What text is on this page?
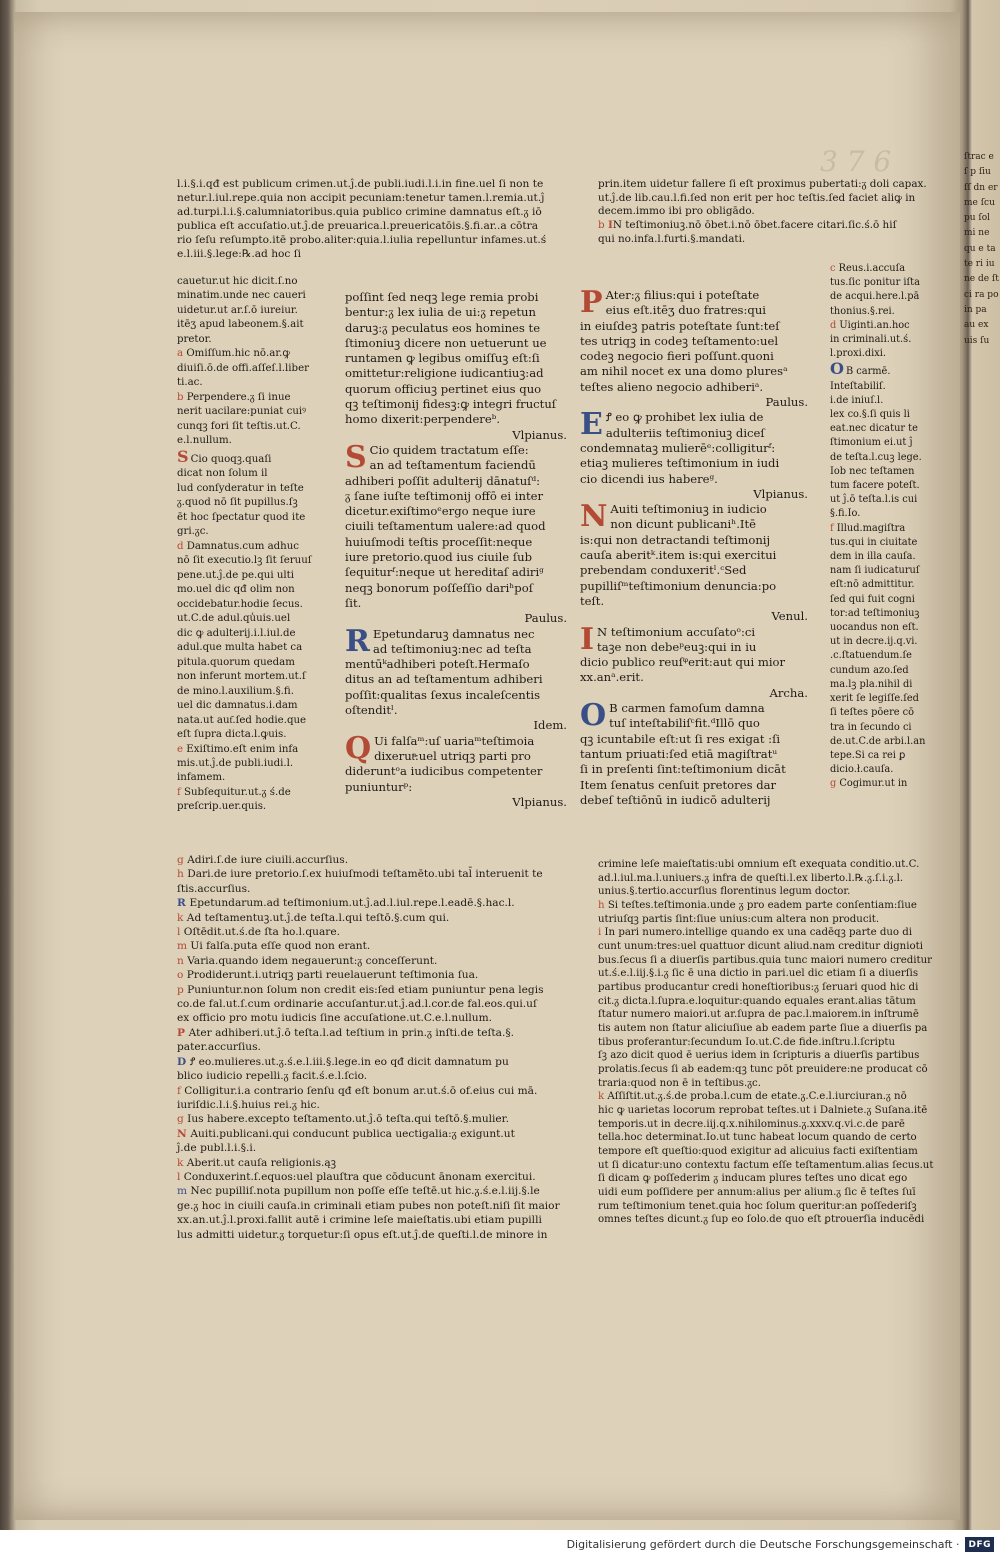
3 7 6
l.i.§.i.qđ est publicum crimen.ut.ĵ.de publi.iudi.l.i.in fine.uel ſi non te
netur.l.iul.repe.quia non accipit pecuniam:tenetur tamen.l.remia.ut.ĵ
ad.turpi.l.i.§.calumniatoribus.quia publico crimine damnatus eſt.ᵹ iō
publica eſt accuſatio.ut.ĵ.de preuarica.l.preuericatōis.§.fi.ar..a cōtra
rio ſeſu reſumpto.itē probo.aliter:quia.l.iulia repelluntur infames.ut.ś
e.l.iii.§.lege:℞.ad hoc ſi
cauetur.ut hic dicit.ſ.no
minatim.unde nec caueri
uidetur.ut ar.ſ.ō iureiur.
itēʒ apud labeonem.§.ait
pretor.
a Omiſſum.hic nō.ar.ꝙ
diuiſi.ō.de offi.aſſeſ.l.liber
ti.ac.
b Perpendere.ᵹ ſi inue
nerit uacilare:puniat cuiꝰ
cunqꝫ fori ſit teſtis.ut.C.
e.l.nullum.
S Cio quoqꝫ.quaſi
dicat non ſolum il
lud conſyderatur in teſte
ᵹ.quod nō ſit pupillus.ſꝫ
ēt hoc ſpectatur quod ite
gri.ᵹc.
d Damnatus.cum adhuc
nō ſit executio.lꝫ ſit ſeruuſ
pene.ut.ĵ.de pe.qui ulti
mo.uel dic qđ olim non
occidebatur.hodie ſecus.
ut.C.de adul.qu̾uis.uel
dic ꝙ adulterij.i.l.iul.de
adul.que multa habet ca
pitula.quorum quedam
non inferunt mortem.ut.ſ
de mino.l.auxilium.§.fi.
uel dic damnatus.i.dam
nata.ut aut͂.ſed hodie.que
eſt ſupra dicta.l.ꝙuis.
e Exiſtimo.eſt enim infa
mis.ut.ĵ.de publi.iudi.l.
infamem.
f Subſequitur.ut.ᵹ ś.de
preſcrip.uer.quis.
poſſint ſed neqꝫ lege remia probi
bentur:ᵹ lex iulia de ui:ᵹ repetun
daruꝫ:ᵹ peculatus eos homines te
ſtimoniuꝫ dicere non uetuerunt ue
runtamen ꝙ legibus omiſſuꝫ eſt:ſi
omittetur:religione iudicantiuꝫ:ad
quorum officiuꝫ pertinet eius quo
qꝫ teſtimonij fidesꝫ:ꝙ integri fructuſ
homo dixerit:perpendereᵇ.
Vlpianus.
S Cio quidem tractatum eſſe:
an ad teſtamentum faciendū
adhiberi poſſit adulterij dānatuſᵈ:
ᵹ ſane iuſte teſtimonij offō ei inter
dicetur.exiſtimoᵉergo neque iure
ciuili teſtamentum ualere:ad quod
huiuſmodi teſtis proceſſit:neque
iure pretorio.quod ius ciuile ſub
ſequiturᶠ:neque ut hereditaſ adiriᵍ
neqꝫ bonorum poſſeſſio dariʰpoſ
ſit.
Paulus.
R Epetundaruꝫ damnatus nec
ad teſtimoniuꝫ:nec ad teſta
mentūᵏadhiberi poteſt.Hermaſo
ditus an ad teſtamentum adhiberi
poſſit:qualitas ſexus incaleſcentis
oſtenditˡ.
Idem.
Q Ui falſaᵐ:uſ uariaᵐteſtimoia
dixerutͣ:uel utriqꝫ parti pro
dideruntᵒa iudicibus competenter
puniunturᵖ:
Vlpianus.
g Adiri.ſ.de iure ciuili.accurſius.
h Dari.de iure pretorio.ſ.ex huiuſmodi teſtamēto.ubi tal̄ interuenit te
ſtis.accurſius.
R Epetundarum.ad teſtimonium.ut.ĵ.ad.l.iul.repe.l.eadē.§.hac.l.
k Ad teſtamentuꝫ.ut.ĵ.de teſta.l.qui teſtō.§.cum qui.
l Oſtēdit.ut.ś.de ſta ho.l.quare.
m Ui falſa.puta eſſe quod non erant.
n Varia.quando idem negauerunt:ᵹ conceſſerunt.
o Prodiderunt.i.utriqꝫ parti reuelauerunt teſtimonia ſua.
p Puniuntur.non ſolum non credit eis:ſed etiam puniuntur pena legis
co.de fal.ut.ſ.cum ordinarie accuſantur.ut.ĵ.ad.l.cor.de fal.eos.qui.uſ
ex officio pro motu iudicis ſine accuſatione.ut.C.e.l.nullum.
P Ater adhiberi.ut.ĵ.ō teſta.l.ad teſtium in prin.ᵹ inſti.de teſta.§.
pater.accurſius.
D Ꝭ eo.mulieres.ut.ᵹ.ś.e.l.iii.§.lege.in eo qđ dicit damnatum pu
blico iudicio repelli.ᵹ facit.ś.e.l.ſcio.
f Colligitur.i.a contrario ſenſu qđ eſt bonum ar.ut.ś.ō of.eius cui mā.
iuriſdic.l.i.§.huius rei.ᵹ hic.
g Ius habere.excepto teſtamento.ut.ĵ.ō teſta.qui teſtō.§.mulier.
N Auiti.publicani.qui conducunt publica uectigalia:ᵹ exigunt.ut
ĵ.de publ.l.i.§.i.
k Aberit.ut cauſa religionis.ąꝫ
l Conduxerint.ſ.equos:uel plauſtra que cōducunt ānonam exercitui.
m Nec pupilliſ.nota pupillum non poſſe eſſe teſtē.ut hic.ᵹ.ś.e.l.iij.§.le
ge.ᵹ hoc in ciuili cauſa.in criminali etiam pubes non poteſt.niſi ſit maior
xx.an.ut.ĵ.l.proxi.fallit autē i crimine leſe maieſtatis.ubi etiam pupilli
lus admitti uidetur.ᵹ torquetur:ſi opus eſt.ut.ĵ.de queſti.l.de minore in
prin.item uidetur fallere ſi eſt proximus pubertati:ᵹ doli capax.
ut.ĵ.de lib.cau.l.fi.ſed non erit per hoc teſtis.ſed faciet aliꝙ in
decem.immo ibi pro obligādo.
b IN teſtimoniuꝫ.nō ōbet.i.nō ōbet.facere citari.ſic.ś.ō hiſ
qui no.infa.l.furti.§.mandati.
P Ater:ᵹ filius:qui i poteſtate
eius eſt.itēʒ duo fratres:qui
in eiuſdeꝫ patris poteſtate ſunt:teſ
tes utriqꝫ in codeꝫ teſtamento:uel
codeꝫ negocio fieri poſſunt.quoni
am nihil nocet ex una domo pluresᵃ
teſtes alieno negocio adhiberiᵃ.
Paulus.
E Ꝭ eo ꝙ prohibet lex iulia de
adulteriis teſtimoniuꝫ diceſ
condemnataꝫ mulierēᵉ:colligiturᶠ:
etiaꝫ mulieres teſtimonium in iudi
cio dicendi ius habereᵍ.
Vlpianus.
N Auiti teſtimoniuꝫ in iudicio
non dicunt publicaniʰ.Itē
is:qui non detractandi teſtimonij
cauſa aberitᵏ.item is:qui exercitui
prebendam conduxeritˡ.ᶜSed
pupilliſᵐteſtimonium denuncia:po
teſt.
Venul.
I N teſtimonium accuſatoᵒ:ci
taꝫe non debeᵖeuꝫ:qui in iu
dicio publico reuſᵠerit:aut qui mior
xx.anᵃ.erit.
Archa.
O B carmen famoſum damna
tuſ inteſtabiliſᶜfit.ᵈIllō quo
qꝫ icuntabile eſt:ut ſi res exigat :ſi
tantum priuati:ſed etiā magiſtratᵘ
ſi in preſenti ſint:teſtimonium dicāt
Item ſenatus cenſuit pretores dar
debeſ teſtiōnū in iudicō adulterij
c Reus.i.accuſa
tus.ſic ponitur iſta
de acqui.here.l.pā
thonius.§.rei.
d Uiginti.an.hoc
in criminali.ut.ś.
l.proxi.dixi.
O B carmē.
Inteſtabiliſ.
i.de iniuſ.l.
lex co.§.ſi quis li
eat.nec dicatur te
ſtimonium ei.ut ĵ
de teſta.l.cuꝫ lege.
Iob nec teſtamen
tum facere poteſt.
ut ĵ.ō teſta.l.is cui
§.fi.Io.
f Illud.magiſtra
tus.qui in ciuitate
dem in illa cauſa.
nam ſi iudicaturuſ
eſt:nō admittitur.
ſed qui fuit cogni
tor:ad teſtimoniuꝫ
uocandus non eſt.
ut in decre.ij.q.vi.
.c.ſtatuendum.ſe
cundum azo.ſed
ma.lꝫ pla.nihil di
xerit ſe legiſſe.ſed
ſi teſtes pōere cō
tra in ſecundo ci
de.ut.C.de arbi.l.an
tepe.Si ca rei ꝑ
dicio.ł.cauſa.
g Cogimur.ut in
crimine leſe maieſtatis:ubi omnium eſt exequata conditio.ut.C.
ad.l.iul.ma.l.uniuers.ᵹ infra de queſti.l.ex liberto.l.℞.ᵹ.ſ.i.ᵹ.l.
unius.§.tertio.accurſius florentinus legum doctor.
h Si teſtes.teſtimonia.unde ᵹ pro eadem parte conſentiam:ſiue
utriuſqꝫ partis ſint:ſiue unius:cum altera non producit.
i In pari numero.intellige quando ex una cadēqꝫ parte duo di
cunt unum:tres:uel quattuor dicunt aliud.nam creditur dignioti
bus.ſecus ſi a diuerſis partibus.quia tunc maiori numero creditur
ut.ś.e.l.iij.§.i.ᵹ ſic ē una dictio in pari.uel dic etiam ſi a diuerſis
partibus producantur credi honeſtioribus:ᵹ ſeruari quod hic di
cit.ᵹ dicta.l.ſupra.e.loquitur:quando equales erant.alias tātum
ſtatur numero maiori.ut ar.ſupra de pac.l.maiorem.in inſtrumē
tis autem non ſtatur aliciuſiue ab eadem parte ſiue a diuerſis pa
tibus proferantur:ſecundum Io.ut.C.de fide.inſtru.l.ſcriptu
ſꝫ azo dicit quod ē uerius idem in ſcripturis a diuerſis partibus
prolatis.ſecus ſi ab eadem:qꝫ tunc pōt preuidere:ne producat cō
traria:quod non ē in teſtibus.ᵹc.
k Aſſiſtit.ut.ᵹ.ś.de proba.l.cum de etate.ᵹ.C.e.l.iurciuran.ᵹ nō
hic ꝙ uarietas locorum reprobat teſtes.ut i Dalniete.ᵹ Suſana.itē
temporis.ut in decre.iij.q.x.nihilominus.ᵹ.xxxv.q.vi.c.de parē
tella.hoc determinat.Io.ut tunc habeat locum quando de certo
tempore eſt queſtio:quod exigitur ad alicuius facti exiſtentiam
ut ſi dicatur:uno contextu factum eſſe teſtamentum.alias ſecus.ut
ſi dicam ꝙ poſſederim ᵹ inducam plures teſtes uno dicat ego
uidi eum poſſidere per annum:alius per alium.ᵹ ſic ē teſtes ſuī
rum teſtimonium tenet.quia hoc ſolum queritur:an poſſederiſꝫ
omnes teſtes dicunt.ᵹ ſup eo ſolo.de quo eſt ꝑtrouerſia inducēdi
ſtrac e ſ p ſiu ſſ dn er me ſcu pu ſol mi ne qu e ta te ri iu ne de ſt ci ra po in pa au ex uis ſu
Digitalisierung gefördert durch die Deutsche Forschungsgemeinschaft ·	DFG
